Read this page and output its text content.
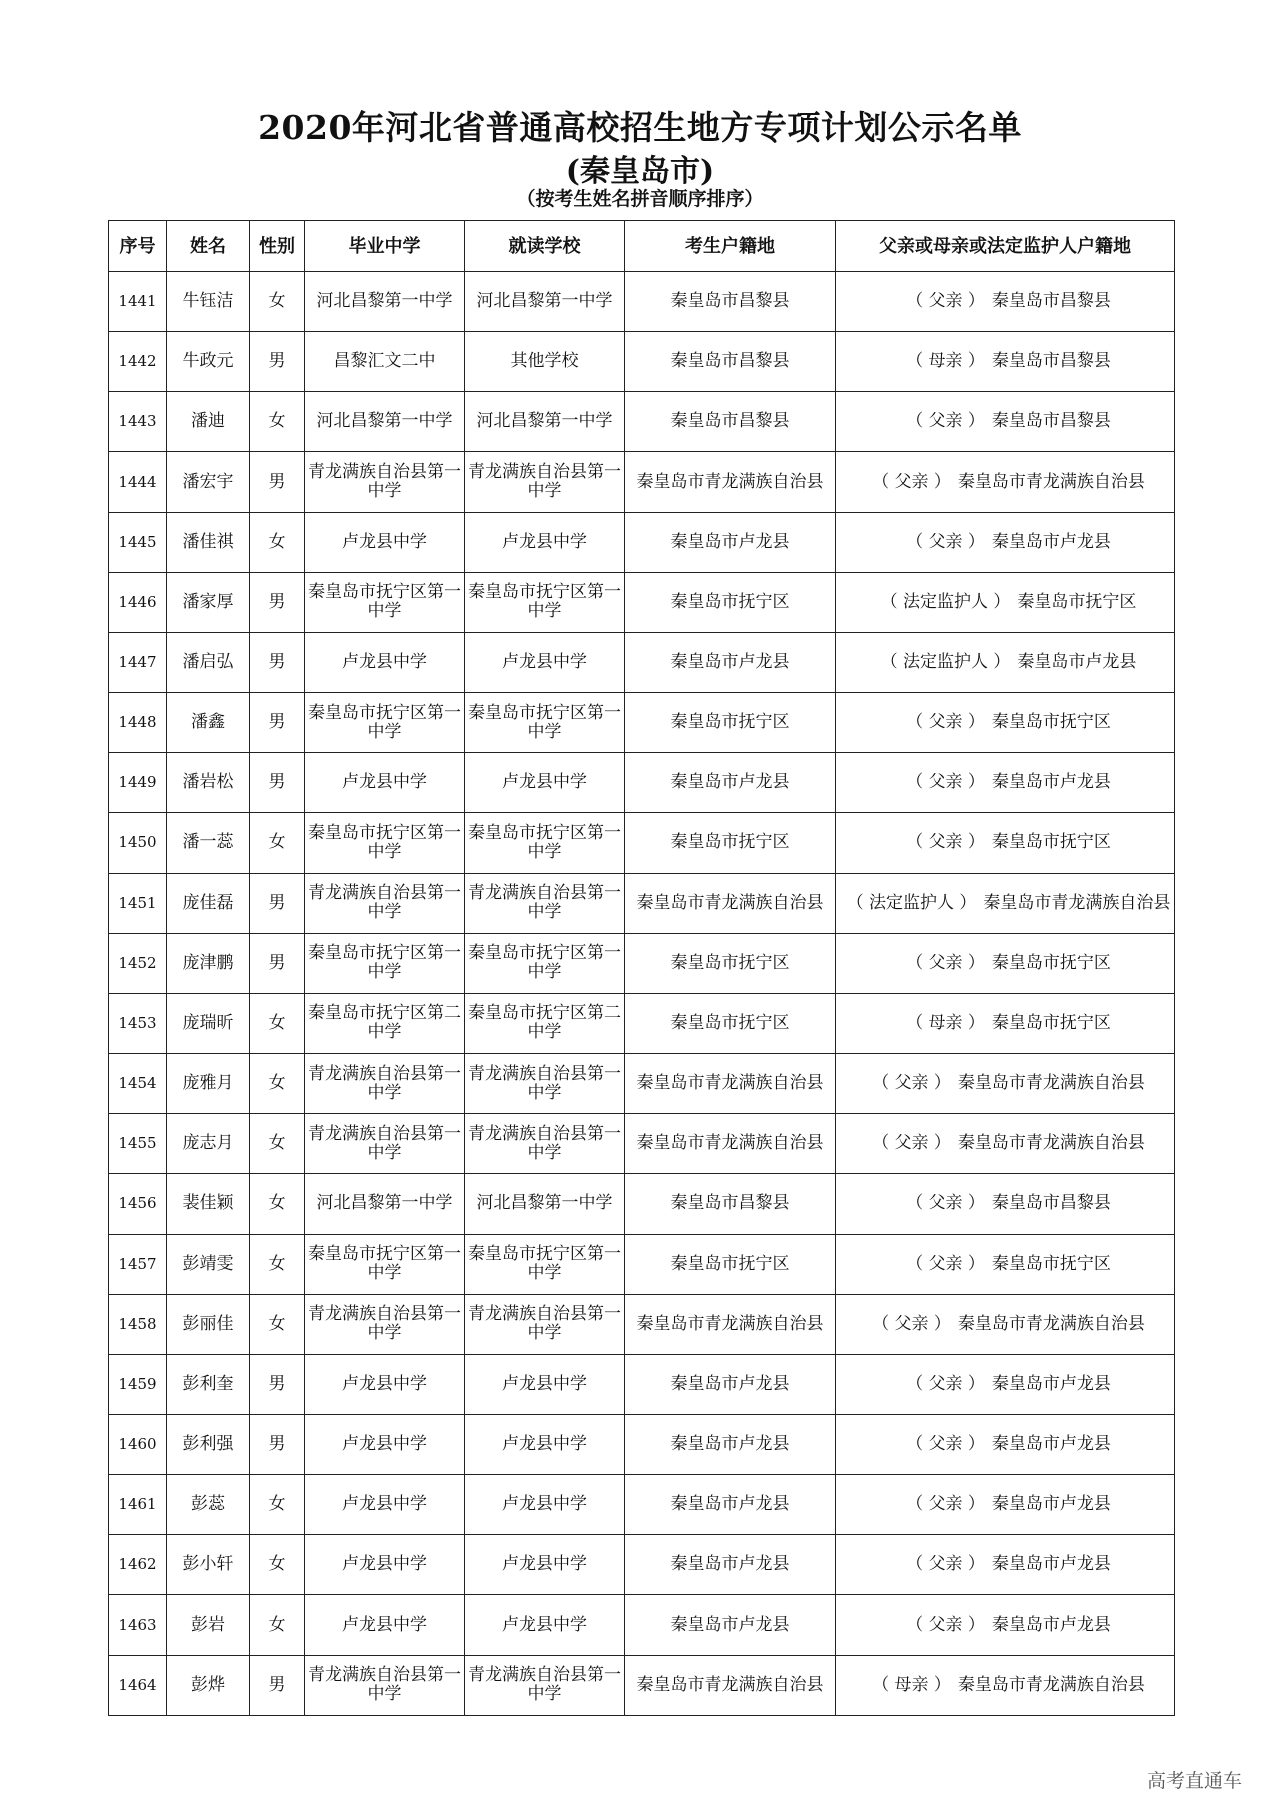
2020年河北省普通高校招生地方专项计划公示名单
(秦皇岛市)
（按考生姓名拼音顺序排序）
序号	姓名	性别	毕业中学	就读学校	考生户籍地	父亲或母亲或法定监护人户籍地
1441	牛钰洁	女	河北昌黎第一中学	河北昌黎第一中学	秦皇岛市昌黎县	（ 父亲 ） 秦皇岛市昌黎县
1442	牛政元	男	昌黎汇文二中	其他学校	秦皇岛市昌黎县	（ 母亲 ） 秦皇岛市昌黎县
1443	潘迪	女	河北昌黎第一中学	河北昌黎第一中学	秦皇岛市昌黎县	（ 父亲 ） 秦皇岛市昌黎县
1444	潘宏宇	男	青龙满族自治县第一中学	青龙满族自治县第一中学	秦皇岛市青龙满族自治县	（ 父亲 ） 秦皇岛市青龙满族自治县
1445	潘佳祺	女	卢龙县中学	卢龙县中学	秦皇岛市卢龙县	（ 父亲 ） 秦皇岛市卢龙县
1446	潘家厚	男	秦皇岛市抚宁区第一中学	秦皇岛市抚宁区第一中学	秦皇岛市抚宁区	（ 法定监护人 ） 秦皇岛市抚宁区
1447	潘启弘	男	卢龙县中学	卢龙县中学	秦皇岛市卢龙县	（ 法定监护人 ） 秦皇岛市卢龙县
1448	潘鑫	男	秦皇岛市抚宁区第一中学	秦皇岛市抚宁区第一中学	秦皇岛市抚宁区	（ 父亲 ） 秦皇岛市抚宁区
1449	潘岩松	男	卢龙县中学	卢龙县中学	秦皇岛市卢龙县	（ 父亲 ） 秦皇岛市卢龙县
1450	潘一蕊	女	秦皇岛市抚宁区第一中学	秦皇岛市抚宁区第一中学	秦皇岛市抚宁区	（ 父亲 ） 秦皇岛市抚宁区
1451	庞佳磊	男	青龙满族自治县第一中学	青龙满族自治县第一中学	秦皇岛市青龙满族自治县	（ 法定监护人 ） 秦皇岛市青龙满族自治县
1452	庞津鹏	男	秦皇岛市抚宁区第一中学	秦皇岛市抚宁区第一中学	秦皇岛市抚宁区	（ 父亲 ） 秦皇岛市抚宁区
1453	庞瑞昕	女	秦皇岛市抚宁区第二中学	秦皇岛市抚宁区第二中学	秦皇岛市抚宁区	（ 母亲 ） 秦皇岛市抚宁区
1454	庞雅月	女	青龙满族自治县第一中学	青龙满族自治县第一中学	秦皇岛市青龙满族自治县	（ 父亲 ） 秦皇岛市青龙满族自治县
1455	庞志月	女	青龙满族自治县第一中学	青龙满族自治县第一中学	秦皇岛市青龙满族自治县	（ 父亲 ） 秦皇岛市青龙满族自治县
1456	裴佳颖	女	河北昌黎第一中学	河北昌黎第一中学	秦皇岛市昌黎县	（ 父亲 ） 秦皇岛市昌黎县
1457	彭靖雯	女	秦皇岛市抚宁区第一中学	秦皇岛市抚宁区第一中学	秦皇岛市抚宁区	（ 父亲 ） 秦皇岛市抚宁区
1458	彭丽佳	女	青龙满族自治县第一中学	青龙满族自治县第一中学	秦皇岛市青龙满族自治县	（ 父亲 ） 秦皇岛市青龙满族自治县
1459	彭利奎	男	卢龙县中学	卢龙县中学	秦皇岛市卢龙县	（ 父亲 ） 秦皇岛市卢龙县
1460	彭利强	男	卢龙县中学	卢龙县中学	秦皇岛市卢龙县	（ 父亲 ） 秦皇岛市卢龙县
1461	彭蕊	女	卢龙县中学	卢龙县中学	秦皇岛市卢龙县	（ 父亲 ） 秦皇岛市卢龙县
1462	彭小轩	女	卢龙县中学	卢龙县中学	秦皇岛市卢龙县	（ 父亲 ） 秦皇岛市卢龙县
1463	彭岩	女	卢龙县中学	卢龙县中学	秦皇岛市卢龙县	（ 父亲 ） 秦皇岛市卢龙县
1464	彭烨	男	青龙满族自治县第一中学	青龙满族自治县第一中学	秦皇岛市青龙满族自治县	（ 母亲 ） 秦皇岛市青龙满族自治县
高考直通车
